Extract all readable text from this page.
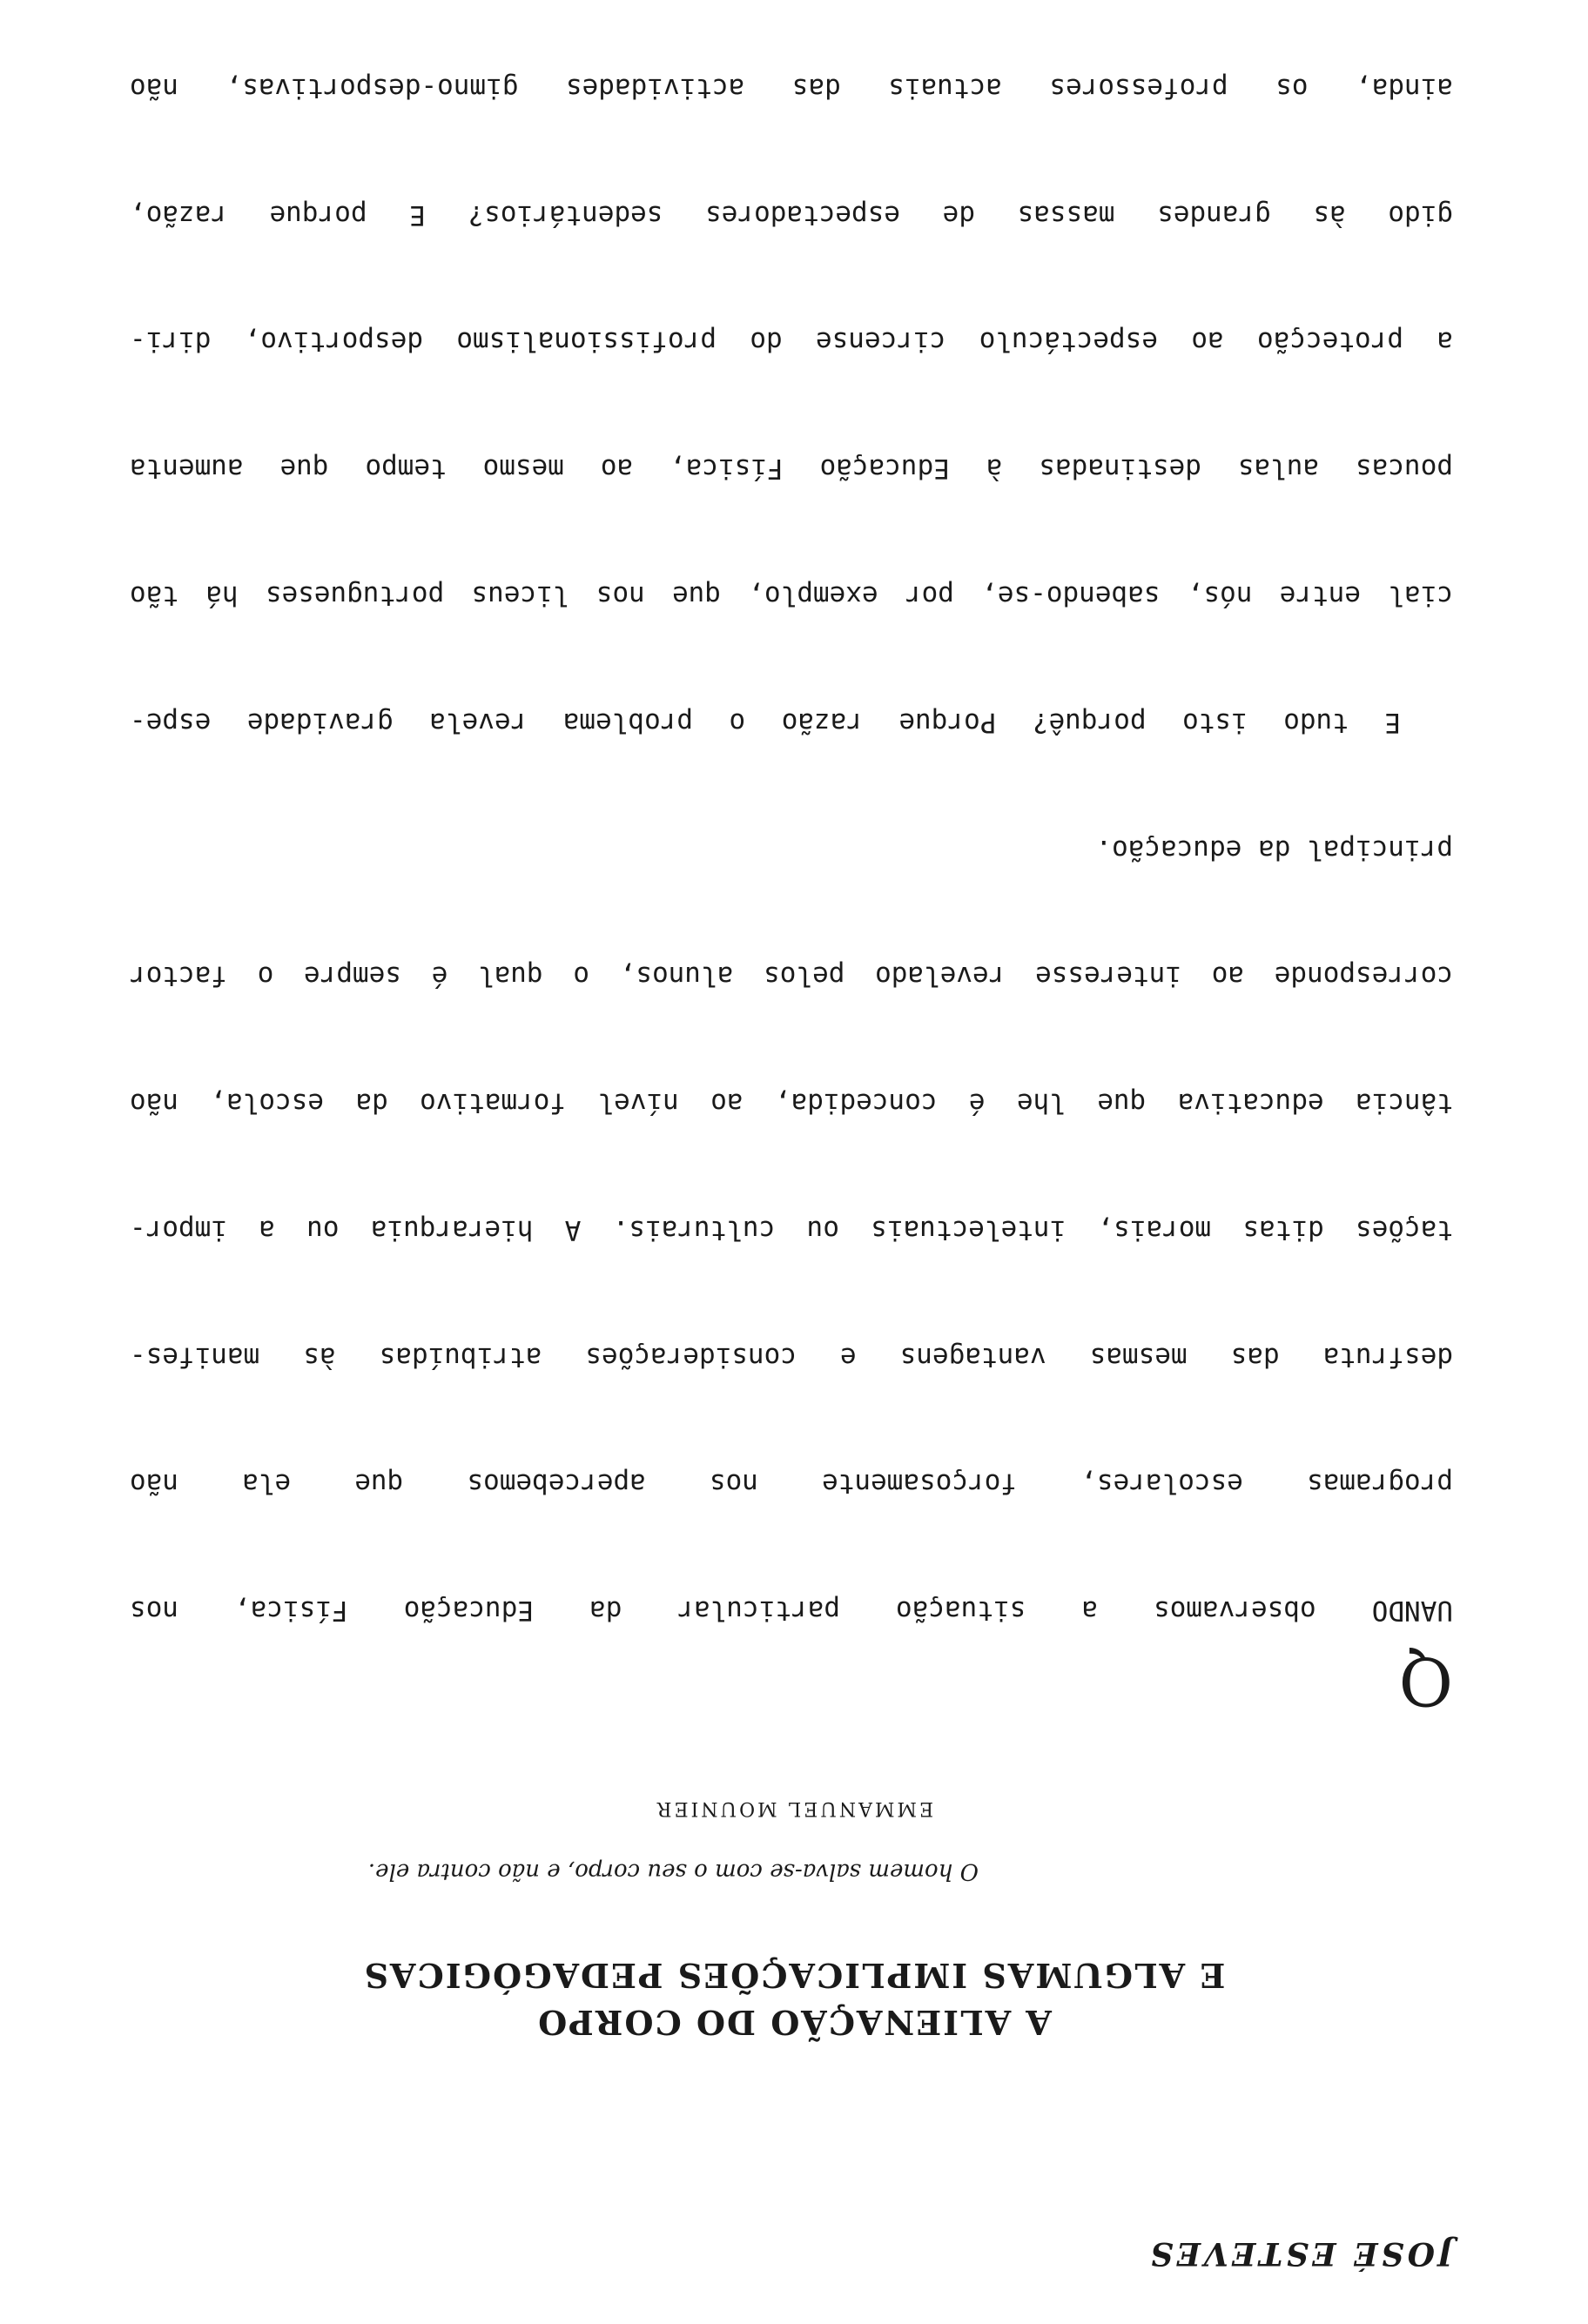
JOSÉ ESTEVES
A ALIENAÇÃO DO CORPO
E ALGUMAS IMPLICAÇÕES PEDAGÓGICAS
O homem salva-se com o seu corpo, e não contra ele.
EMMANUEL MOUNIER

Q

UANDO observamos a situação particular da Educação Física, nos

programas escolares, forçosamente nos apercebemos que ela não

desfruta das mesmas vantagens e considerações atribuídas às manifes-

tações ditas morais, intelectuais ou culturais. A hierarquia ou a impor-

tância educativa que lhe é concedida, ao nível formativo da escola, não

corresponde ao interesse revelado pelos alunos, o qual é sempre o factor

principal da educação.

E tudo isto porquê? Porque razão o problema revela gravidade espe-

cial entre nós, sabendo-se, por exemplo, que nos liceus portugueses há tão

poucas aulas destinadas à Educação Física, ao mesmo tempo que aumenta

a protecção ao espectáculo circense do profissionalismo desportivo, diri-

gido às grandes massas de espectadores sedentários? E porque razão,

ainda, os professores actuais das actividades gimno-desportivas, não
